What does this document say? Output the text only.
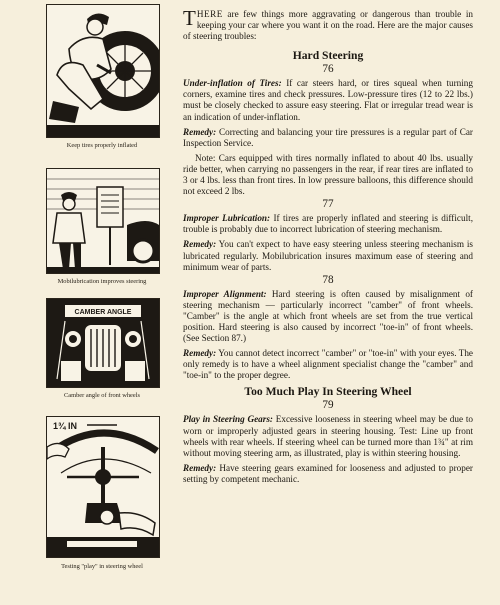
Keep tires properly inflated
Mobilubrication improves steering
CAMBER ANGLE
Camber angle of front wheels
1¾ IN
Testing "play" in steering wheel

THERE are few things more aggravating or dangerous than trouble in keeping your car where you want it on the road. Here are the major causes of steering troubles:

Hard Steering
76

Under-inflation of Tires: If car steers hard, or tires squeal when turning corners, examine tires and check pressures. Low-pressure tires (12 to 22 lbs.) must be closely checked to assure easy steering. Flat or irregular tread wear is an indication of under-inflation.

Remedy: Correcting and balancing your tire pressures is a regular part of Car Inspection Service.

Note: Cars equipped with tires normally inflated to about 40 lbs. usually ride better, when carrying no passengers in the rear, if rear tires are inflated to 3 or 4 lbs. less than front tires. In low pressure balloons, this difference should not exceed 2 lbs.

77

Improper Lubrication: If tires are properly inflated and steering is difficult, trouble is probably due to incorrect lubrication of steering mechanism.

Remedy: You can't expect to have easy steering unless steering mechanism is lubricated regularly. Mobilubrication insures maximum ease of steering and minimum wear of parts.

78

Improper Alignment: Hard steering is often caused by misalignment of steering mechanism — particularly incorrect "camber" of front wheels. "Camber" is the angle at which front wheels are set from the true vertical position. Hard steering is also caused by incorrect "toe-in" of front wheels. (See Section 87.)

Remedy: You cannot detect incorrect "camber" or "toe-in" with your eyes. The only remedy is to have a wheel alignment specialist change the "camber" and "toe-in" to the proper degree.

Too Much Play In Steering Wheel
79

Play in Steering Gears: Excessive looseness in steering wheel may be due to worn or improperly adjusted gears in steering housing. Test: Line up front wheels with rear wheels. If steering wheel can be turned more than 1¾" at rim without moving steering arm, as illustrated, play is within steering housing.

Remedy: Have steering gears examined for looseness and adjusted to proper setting by competent mechanic.
